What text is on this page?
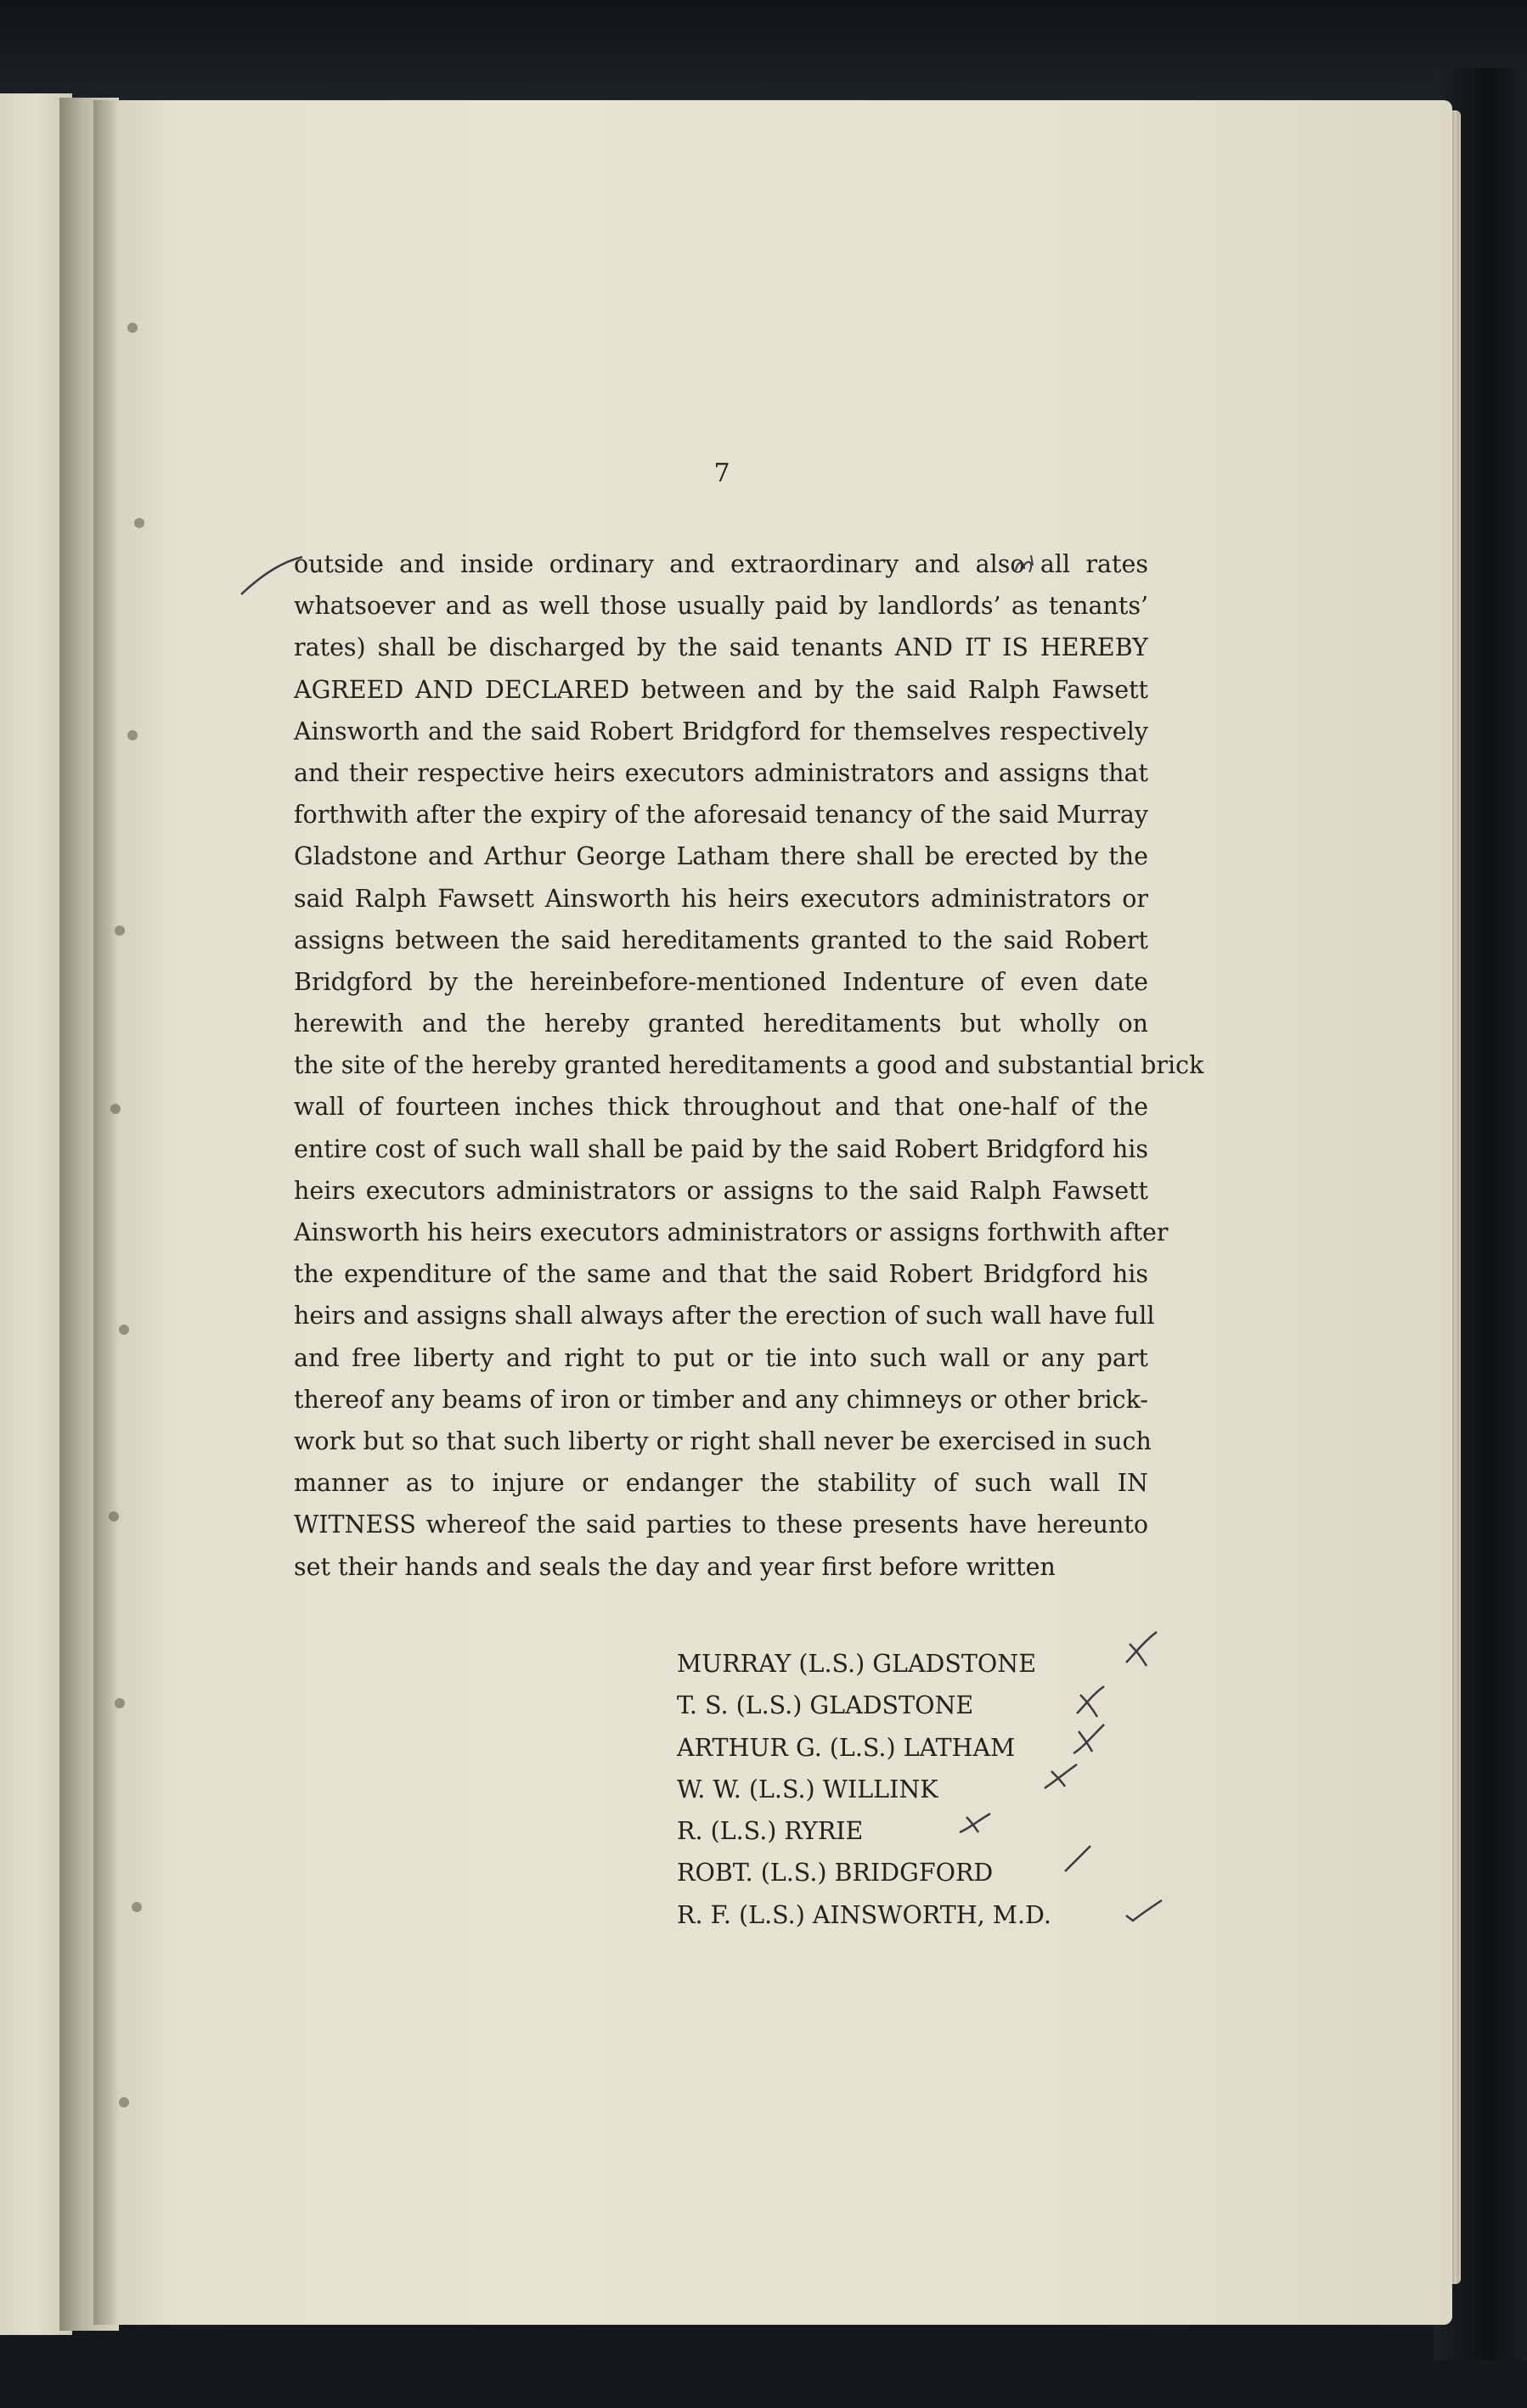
7
outside and inside ordinary and extraordinary and also all rates
whatsoever and as well those usually paid by landlords’ as tenants’
rates) shall be discharged by the said tenants AND IT IS HEREBY
AGREED AND DECLARED between and by the said Ralph Fawsett
Ainsworth and the said Robert Bridgford for themselves respectively
and their respective heirs executors administrators and assigns that
forthwith after the expiry of the aforesaid tenancy of the said Murray
Gladstone and Arthur George Latham there shall be erected by the
said Ralph Fawsett Ainsworth his heirs executors administrators or
assigns between the said hereditaments granted to the said Robert
Bridgford by the hereinbefore-mentioned Indenture of even date
herewith and the hereby granted hereditaments but wholly on
the site of the hereby granted hereditaments a good and substantial brick
wall of fourteen inches thick throughout and that one-half of the
entire cost of such wall shall be paid by the said Robert Bridgford his
heirs executors administrators or assigns to the said Ralph Fawsett
Ainsworth his heirs executors administrators or assigns forthwith after
the expenditure of the same and that the said Robert Bridgford his
heirs and assigns shall always after the erection of such wall have full
and free liberty and right to put or tie into such wall or any part
thereof any beams of iron or timber and any chimneys or other brick-
work but so that such liberty or right shall never be exercised in such
manner as to injure or endanger the stability of such wall IN
WITNESS whereof the said parties to these presents have hereunto
set their hands and seals the day and year first before written
MURRAY (L.S.) GLADSTONE
T. S. (L.S.) GLADSTONE
ARTHUR G. (L.S.) LATHAM
W. W. (L.S.) WILLINK
R. (L.S.) RYRIE
ROBT. (L.S.) BRIDGFORD
R. F. (L.S.) AINSWORTH, M.D.
